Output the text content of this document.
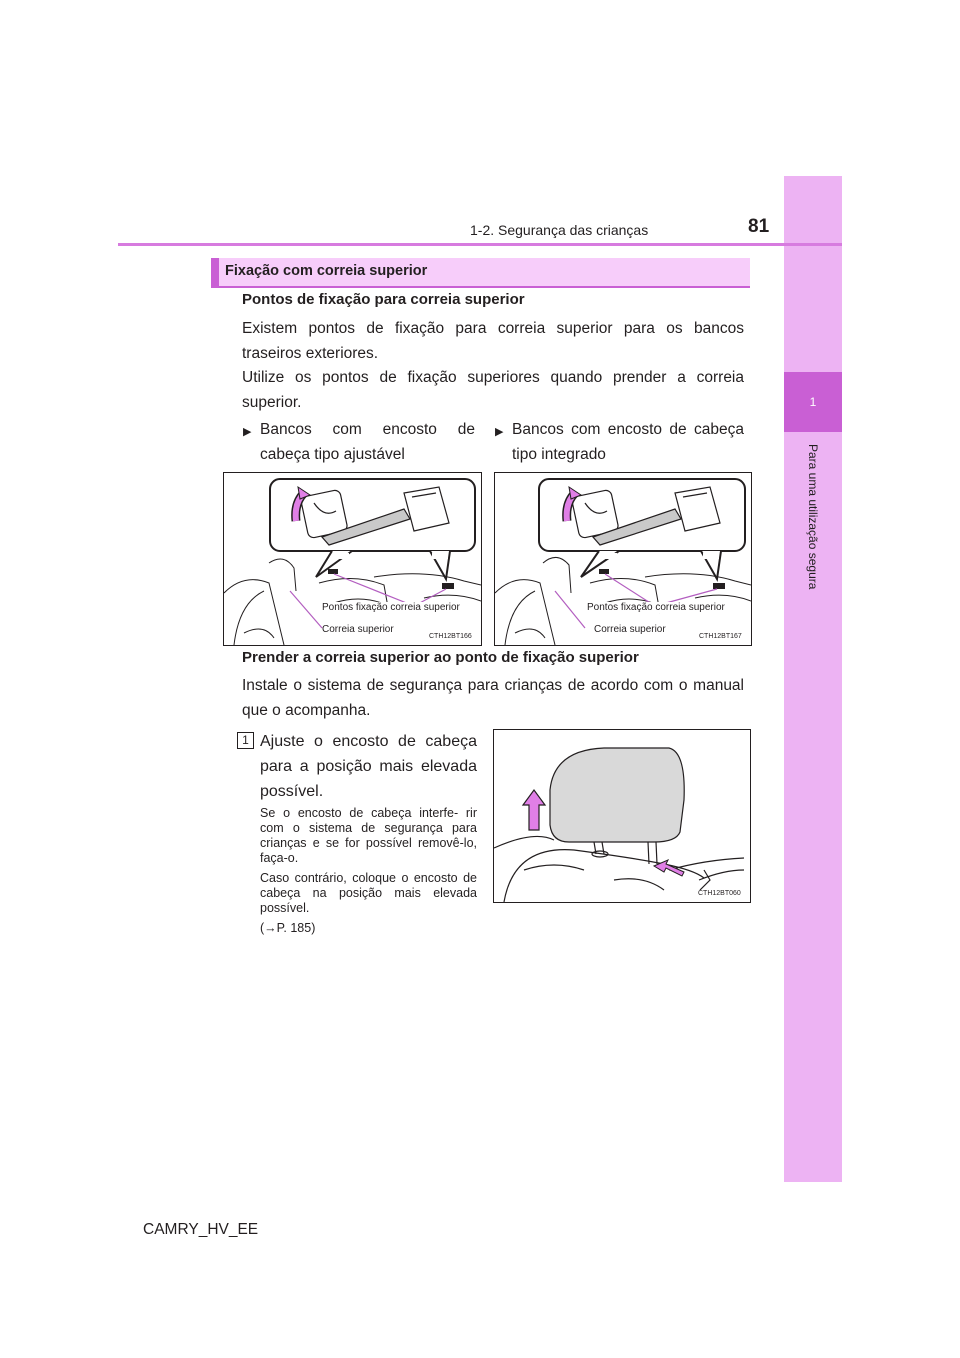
1
Para uma utilização segura
1-2. Segurança das crianças	81
Fixação com correia superior
Pontos de fixação para correia superior
Existem pontos de fixação para correia superior para os bancos traseiros exteriores.
Utilize os pontos de fixação superiores quando prender a correia superior.
▶ Bancos com encosto de cabeça tipo ajustável
▶ Bancos com encosto de cabeça tipo integrado
Pontos fixação correia superior
Correia superior
CTH12BT166
Pontos fixação correia superior
Correia superior
CTH12BT167
Prender a correia superior ao ponto de fixação superior
Instale o sistema de segurança para crianças de acordo com o manual que o acompanha.
1 Ajuste o encosto de cabeça para a posição mais elevada possível.
Se o encosto de cabeça interfe- rir com o sistema de segurança para crianças e se for possível removê-lo, faça-o.
Caso contrário, coloque o encosto de cabeça na posição mais elevada possível.
(→P. 185)
CTH12BT060
CAMRY_HV_EE
